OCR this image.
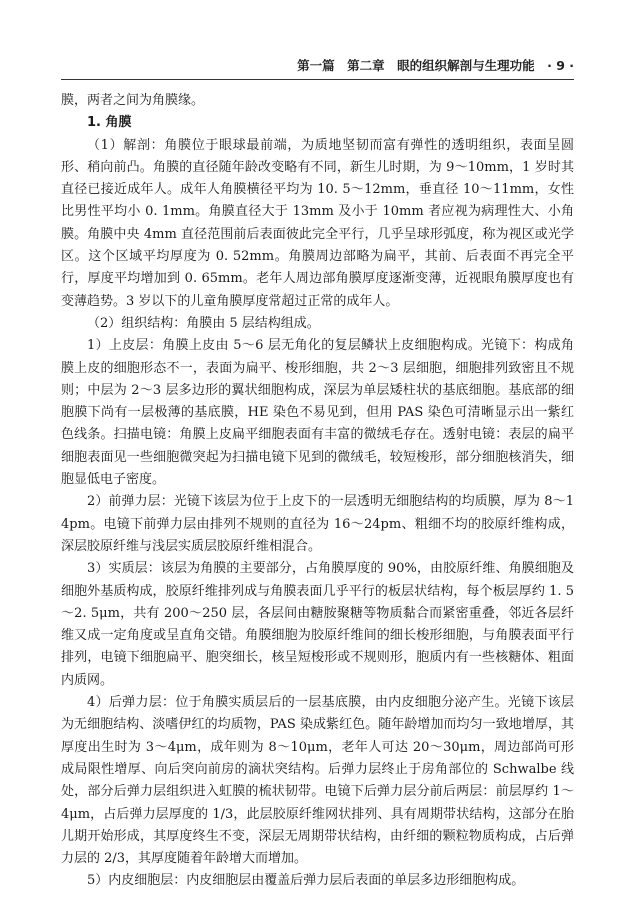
第一篇　第二章　眼的组织解剖与生理功能　· 9 ·

膜，两者之间为角膜缘。

1. 角膜

（1）解剖：角膜位于眼球最前端，为质地坚韧而富有弹性的透明组织，表面呈圆形、稍向前凸。角膜的直径随年龄改变略有不同，新生儿时期，为 9～10mm，1 岁时其直径已接近成年人。成年人角膜横径平均为 10. 5～12mm，垂直径 10～11mm，女性比男性平均小 0. 1mm。角膜直径大于 13mm 及小于 10mm 者应视为病理性大、小角膜。角膜中央 4mm 直径范围前后表面彼此完全平行，几乎呈球形弧度，称为视区或光学区。这个区域平均厚度为 0. 52mm。角膜周边部略为扁平，其前、后表面不再完全平行，厚度平均增加到 0. 65mm。老年人周边部角膜厚度逐渐变薄，近视眼角膜厚度也有变薄趋势。3 岁以下的儿童角膜厚度常超过正常的成年人。

（2）组织结构：角膜由 5 层结构组成。

1）上皮层：角膜上皮由 5～6 层无角化的复层鳞状上皮细胞构成。光镜下：构成角膜上皮的细胞形态不一，表面为扁平、梭形细胞，共 2～3 层细胞，细胞排列致密且不规则；中层为 2～3 层多边形的翼状细胞构成，深层为单层矮柱状的基底细胞。基底部的细胞膜下尚有一层极薄的基底膜，HE 染色不易见到，但用 PAS 染色可清晰显示出一紫红色线条。扫描电镜：角膜上皮扁平细胞表面有丰富的微绒毛存在。透射电镜：表层的扁平细胞表面见一些细胞微突起为扫描电镜下见到的微绒毛，较短梭形，部分细胞核消失，细胞显低电子密度。

2）前弹力层：光镜下该层为位于上皮下的一层透明无细胞结构的均质膜，厚为 8～14pm。电镜下前弹力层由排列不规则的直径为 16～24pm、粗细不均的胶原纤维构成，深层胶原纤维与浅层实质层胶原纤维相混合。

3）实质层：该层为角膜的主要部分，占角膜厚度的 90%，由胶原纤维、角膜细胞及细胞外基质构成，胶原纤维排列成与角膜表面几乎平行的板层状结构，每个板层厚约 1. 5～2. 5μm，共有 200～250 层，各层间由糖胺聚糖等物质黏合而紧密重叠，邻近各层纤维又成一定角度或呈直角交错。角膜细胞为胶原纤维间的细长梭形细胞，与角膜表面平行排列，电镜下细胞扁平、胞突细长，核呈短梭形或不规则形，胞质内有一些核糖体、粗面内质网。

4）后弹力层：位于角膜实质层后的一层基底膜，由内皮细胞分泌产生。光镜下该层为无细胞结构、淡嗜伊红的均质物，PAS 染成紫红色。随年龄增加而均匀一致地增厚，其厚度出生时为 3～4μm，成年则为 8～10μm，老年人可达 20～30μm，周边部尚可形成局限性增厚、向后突向前房的滴状突结构。后弹力层终止于房角部位的 Schwalbe 线处，部分后弹力层组织进入虹膜的梳状韧带。电镜下后弹力层分前后两层：前层厚约 1～4μm，占后弹力层厚度的 1/3，此层胶原纤维网状排列、具有周期带状结构，这部分在胎儿期开始形成，其厚度终生不变，深层无周期带状结构，由纤细的颗粒物质构成，占后弹力层的 2/3，其厚度随着年龄增大而增加。

5）内皮细胞层：内皮细胞层由覆盖后弹力层后表面的单层多边形细胞构成。
